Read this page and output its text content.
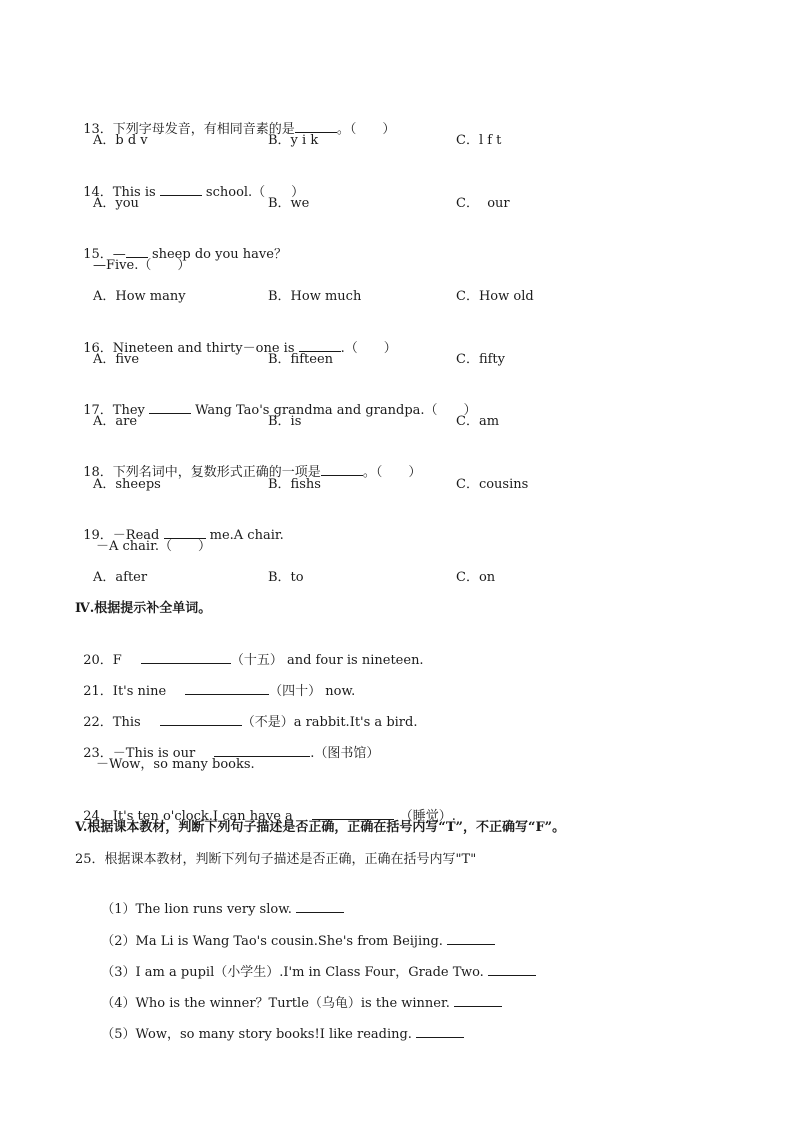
13．下列字母发音，有相同音素的是	。（　　）

A．b d v	B．y i k	C．l f t

14．This is	school.（　　）

A．you	B．we	C．  our

15．— sheep do you have？

—Five.（　　）
A．How many	B．How much	C．How old

16．Nineteen and thirty－one is	.（　　）

A．five	B．fifteen	C．fifty

17．They	Wang Tao's grandma and grandpa.（　　）

A．are	B．is	C．am

18．下列名词中，复数形式正确的一项是	。（　　）

A．sheeps	B．fishs	C．cousins

19．－Read	me.A chair.

－A chair.（　　）
A．after	B．to	C．on
Ⅳ.根据提示补全单词。

20．F　	（十五） and four is nineteen.

21．It's nine　	（四十） now.

22．This　	（不是）a rabbit.It's a bird.

23．－This is our　	.（图书馆）

－Wow，so many books.

24．It's ten o'clock.I can have a　	（睡觉）.

V.根据课本教材，判断下列句子描述是否正确，正确在括号内写“T”，不正确写“F”。
25．根据课本教材，判断下列句子描述是否正确，正确在括号内写"T"

（1）The lion runs very slow.

（2）Ma Li is Wang Tao's cousin.She's from Beijing.

（3）I am a pupil（小学生）.I'm in Class Four，Grade Two.

（4）Who is the winner？Turtle（乌龟）is the winner.

（5）Wow，so many story books!I like reading.
